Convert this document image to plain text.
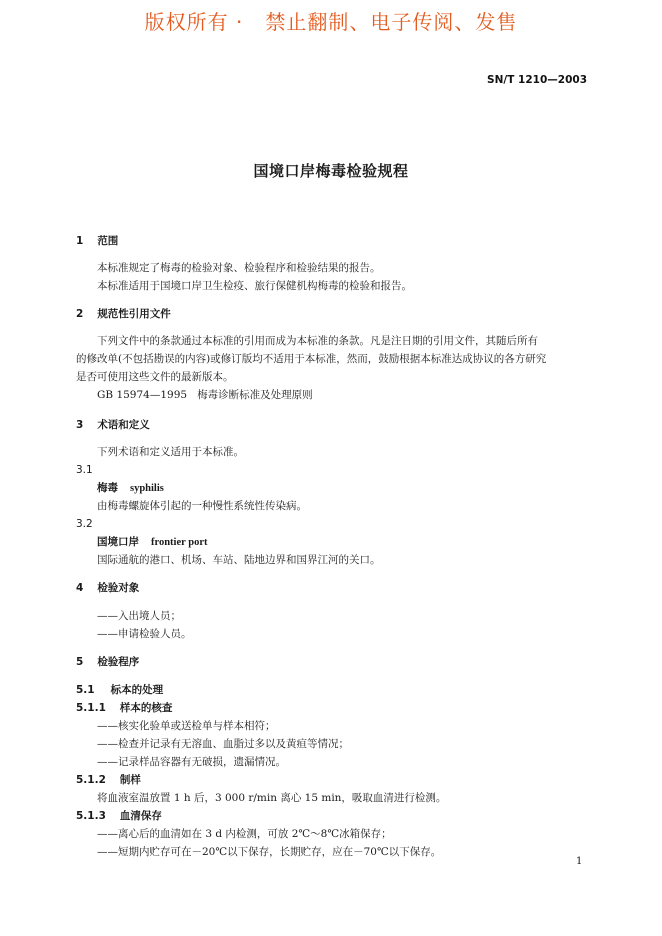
版权所有 ·   禁止翻制、电子传阅、发售
SN/T 1210—2003
国境口岸梅毒检验规程
1 范围
本标准规定了梅毒的检验对象、检验程序和检验结果的报告。
本标准适用于国境口岸卫生检疫、旅行保健机构梅毒的检验和报告。
2 规范性引用文件
下列文件中的条款通过本标准的引用而成为本标准的条款。凡是注日期的引用文件，其随后所有
的修改单(不包括勘误的内容)或修订版均不适用于本标准，然而，鼓励根据本标准达成协议的各方研究
是否可使用这些文件的最新版本。
GB 15974—1995   梅毒诊断标准及处理原则
3 术语和定义
下列术语和定义适用于本标准。
3.1
梅毒 syphilis
由梅毒螺旋体引起的一种慢性系统性传染病。
3.2
国境口岸 frontier port
国际通航的港口、机场、车站、陆地边界和国界江河的关口。
4 检验对象
——入出境人员；
——申请检验人员。
5 检验程序
5.1 标本的处理
5.1.1 样本的核查
——核实化验单或送检单与样本相符；
——检查并记录有无溶血、血脂过多以及黄疸等情况；
——记录样品容器有无破损，遗漏情况。
5.1.2 制样
将血液室温放置 1 h 后，3 000 r/min 离心 15 min，吸取血清进行检测。
5.1.3 血清保存
——离心后的血清如在 3 d 内检测，可放 2℃～8℃冰箱保存；
——短期内贮存可在－20℃以下保存，长期贮存，应在－70℃以下保存。
1
